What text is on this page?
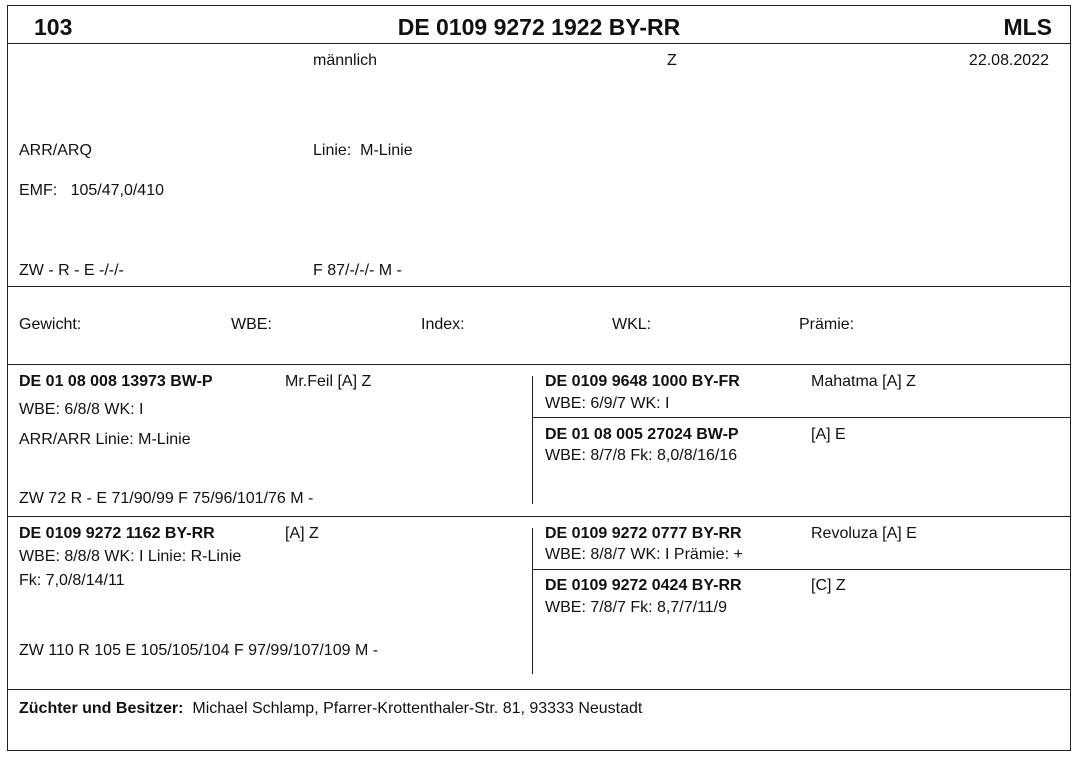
103	DE 0109 9272 1922 BY-RR	MLS
männlich	Z	22.08.2022
ARR/ARQ	Linie: M-Linie
EMF: 105/47,0/410
ZW - R - E -/-/-	F 87/-/-/- M -
Gewicht:	WBE:	Index:	WKL:	Prämie:
DE 01 08 008 13973 BW-P	Mr.Feil [A] Z
WBE: 6/8/8 WK: I
ARR/ARR Linie: M-Linie
ZW 72 R - E 71/90/99 F 75/96/101/76 M -
DE 0109 9648 1000 BY-FR	Mahatma [A] Z
WBE: 6/9/7 WK: I
DE 01 08 005 27024 BW-P	[A] E
WBE: 8/7/8 Fk: 8,0/8/16/16
DE 0109 9272 1162 BY-RR	[A] Z
WBE: 8/8/8 WK: I Linie: R-Linie
Fk: 7,0/8/14/11
ZW 110 R 105 E 105/105/104 F 97/99/107/109 M -
DE 0109 9272 0777 BY-RR	Revoluza [A] E
WBE: 8/8/7 WK: I Prämie: +
DE 0109 9272 0424 BY-RR	[C] Z
WBE: 7/8/7 Fk: 8,7/7/11/9
Züchter und Besitzer: Michael Schlamp, Pfarrer-Krottenthaler-Str. 81, 93333 Neustadt
